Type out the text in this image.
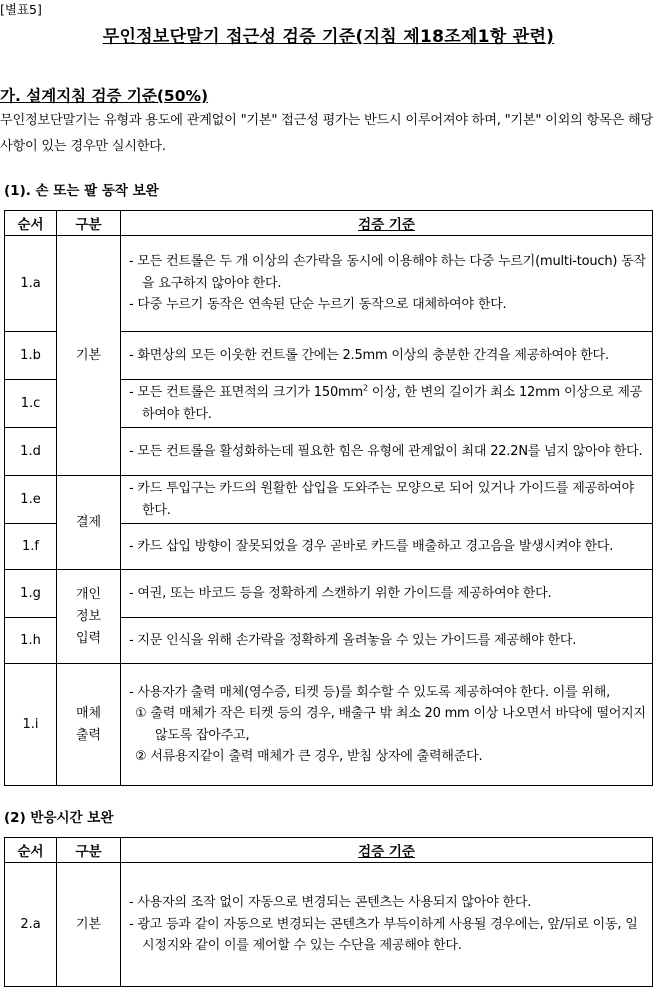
[별표5]
무인정보단말기 접근성 검증 기준(지침 제18조제1항 관련)
가. 설계지침 검증 기준(50%)
무인정보단말기는 유형과 용도에 관계없이 "기본" 접근성 평가는 반드시 이루어져야 하며, "기본" 이외의 항목은 해당 사항이 있는 경우만 실시한다.
(1). 손 또는 팔 동작 보완
순서	구분	검증 기준
1.a	기본	- 모든 컨트롤은 두 개 이상의 손가락을 동시에 이용해야 하는 다중 누르기(multi-touch) 동작을 요구하지 않아야 한다.
- 다중 누르기 동작은 연속된 단순 누르기 동작으로 대체하여야 한다.

1.b		- 화면상의 모든 이웃한 컨트롤 간에는 2.5mm 이상의 충분한 간격을 제공하여야 한다.

1.c		- 모든 컨트롤은 표면적의 크기가 $150mm^2$ 이상, 한 변의 길이가 최소 12mm 이상으로 제공하여야 한다.

1.d		- 모든 컨트롤을 활성화하는데 필요한 힘은 유형에 관계없이 최대 22.2N를 넘지 않아야 한다.

1.e	결제	- 카드 투입구는 카드의 원활한 삽입을 도와주는 모양으로 되어 있거나 가이드를 제공하여야 한다.

1.f		- 카드 삽입 방향이 잘못되었을 경우 곧바로 카드를 배출하고 경고음을 발생시켜야 한다.

1.g	개인
정보
입력	- 여권, 또는 바코드 등을 정확하게 스캔하기 위한 가이드를 제공하여야 한다.

1.h		- 지문 인식을 위해 손가락을 정확하게 올려놓을 수 있는 가이드를 제공해야 한다.

1.i	매체
출력	- 사용자가 출력 매체(영수증, 티켓 등)를 회수할 수 있도록 제공하여야 한다. 이를 위해,
① 출력 매체가 작은 티켓 등의 경우, 배출구 밖 최소 20 mm 이상 나오면서 바닥에 떨어지지 않도록 잡아주고,
② 서류용지같이 출력 매체가 큰 경우, 받침 상자에 출력해준다.
(2) 반응시간 보완
순서	구분	검증 기준
2.a	기본	- 사용자의 조작 없이 자동으로 변경되는 콘텐츠는 사용되지 않아야 한다.
- 광고 등과 같이 자동으로 변경되는 콘텐츠가 부득이하게 사용될 경우에는, 앞/뒤로 이동, 일시정지와 같이 이를 제어할 수 있는 수단을 제공해야 한다.
